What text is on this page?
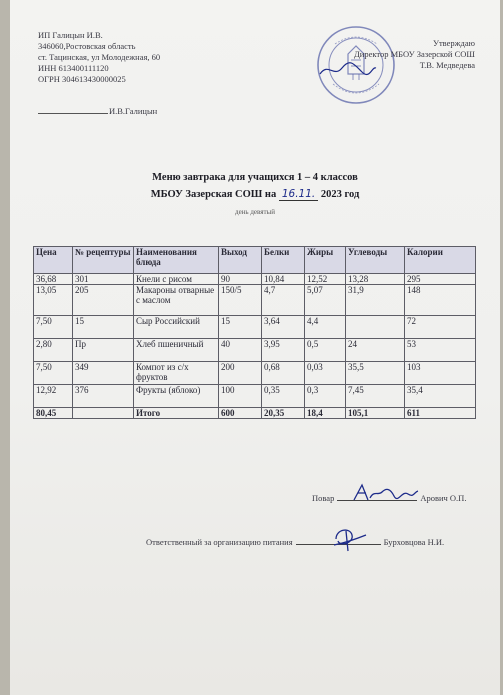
ИП Галицын И.В.
346060,Ростовская область
ст. Тацинская, ул Молодежная, 60
ИНН 613400111120
ОГРН 304613430000025
И.В.Галицын
Утверждаю
Директор МБОУ Зазерской СОШ
Т.В. Медведева
Меню завтрака для учащихся 1 – 4 классов
МБОУ Зазерская СОШ на 16.11. 2023 год
день девятый
Цена	№ рецептуры	Наименования блюда	Выход	Белки	Жиры	Углеводы	Калории
36,68	301	Кнели с рисом	90	10,84	12,52	13,28	295
13,05	205	Макароны отварные с маслом	150/5	4,7	5,07	31,9	148
7,50	15	Сыр Российский	15	3,64	4,4		72
2,80	Пр	Хлеб пшеничный	40	3,95	0,5	24	53
7,50	349	Компот из с/х фруктов	200	0,68	0,03	35,5	103
12,92	376	Фрукты (яблоко)	100	0,35	0,3	7,45	35,4
80,45		Итого	600	20,35	18,4	105,1	611
Повар	Арович О.П.
Ответственный за организацию питания	Бурховцова Н.И.
